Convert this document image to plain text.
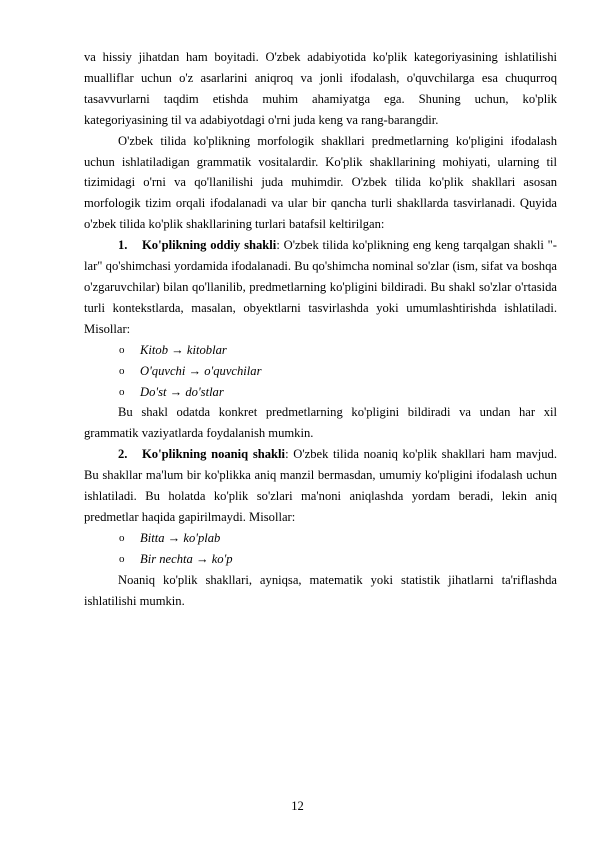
va hissiy jihatdan ham boyitadi. O'zbek adabiyotida ko'plik kategoriyasining ishlatilishi mualliflar uchun o'z asarlarini aniqroq va jonli ifodalash, o'quvchilarga esa chuqurroq tasavvurlarni taqdim etishda muhim ahamiyatga ega. Shuning uchun, ko'plik kategoriyasining til va adabiyotdagi o'rni juda keng va rang-barangdir.

O'zbek tilida ko'plikning morfologik shakllari predmetlarning ko'pligini ifodalash uchun ishlatiladigan grammatik vositalardir. Ko'plik shakllarining mohiyati, ularning til tizimidagi o'rni va qo'llanilishi juda muhimdir. O'zbek tilida ko'plik shakllari asosan morfologik tizim orqali ifodalanadi va ular bir qancha turli shakllarda tasvirlanadi. Quyida o'zbek tilida ko'plik shakllarining turlari batafsil keltirilgan:

1. Ko'plikning oddiy shakli: O'zbek tilida ko'plikning eng keng tarqalgan shakli "-lar" qo'shimchasi yordamida ifodalanadi. Bu qo'shimcha nominal so'zlar (ism, sifat va boshqa o'zgaruvchilar) bilan qo'llanilib, predmetlarning ko'pligini bildiradi. Bu shakl so'zlar o'rtasida turli kontekstlarda, masalan, obyektlarni tasvirlashda yoki umumlashtirishda ishlatiladi. Misollar:

o Kitob → kitoblar
o O'quvchi → o'quvchilar
o Do'st → do'stlar

Bu shakl odatda konkret predmetlarning ko'pligini bildiradi va undan har xil grammatik vaziyatlarda foydalanish mumkin.

2. Ko'plikning noaniq shakli: O'zbek tilida noaniq ko'plik shakllari ham mavjud. Bu shakllar ma'lum bir ko'plikka aniq manzil bermasdan, umumiy ko'pligini ifodalash uchun ishlatiladi. Bu holatda ko'plik so'zlari ma'noni aniqlashda yordam beradi, lekin aniq predmetlar haqida gapirilmaydi. Misollar:

o Bitta → ko'plab
o Bir nechta → ko'p

Noaniq ko'plik shakllari, ayniqsa, matematik yoki statistik jihatlarni ta'riflashda ishlatilishi mumkin.

12
